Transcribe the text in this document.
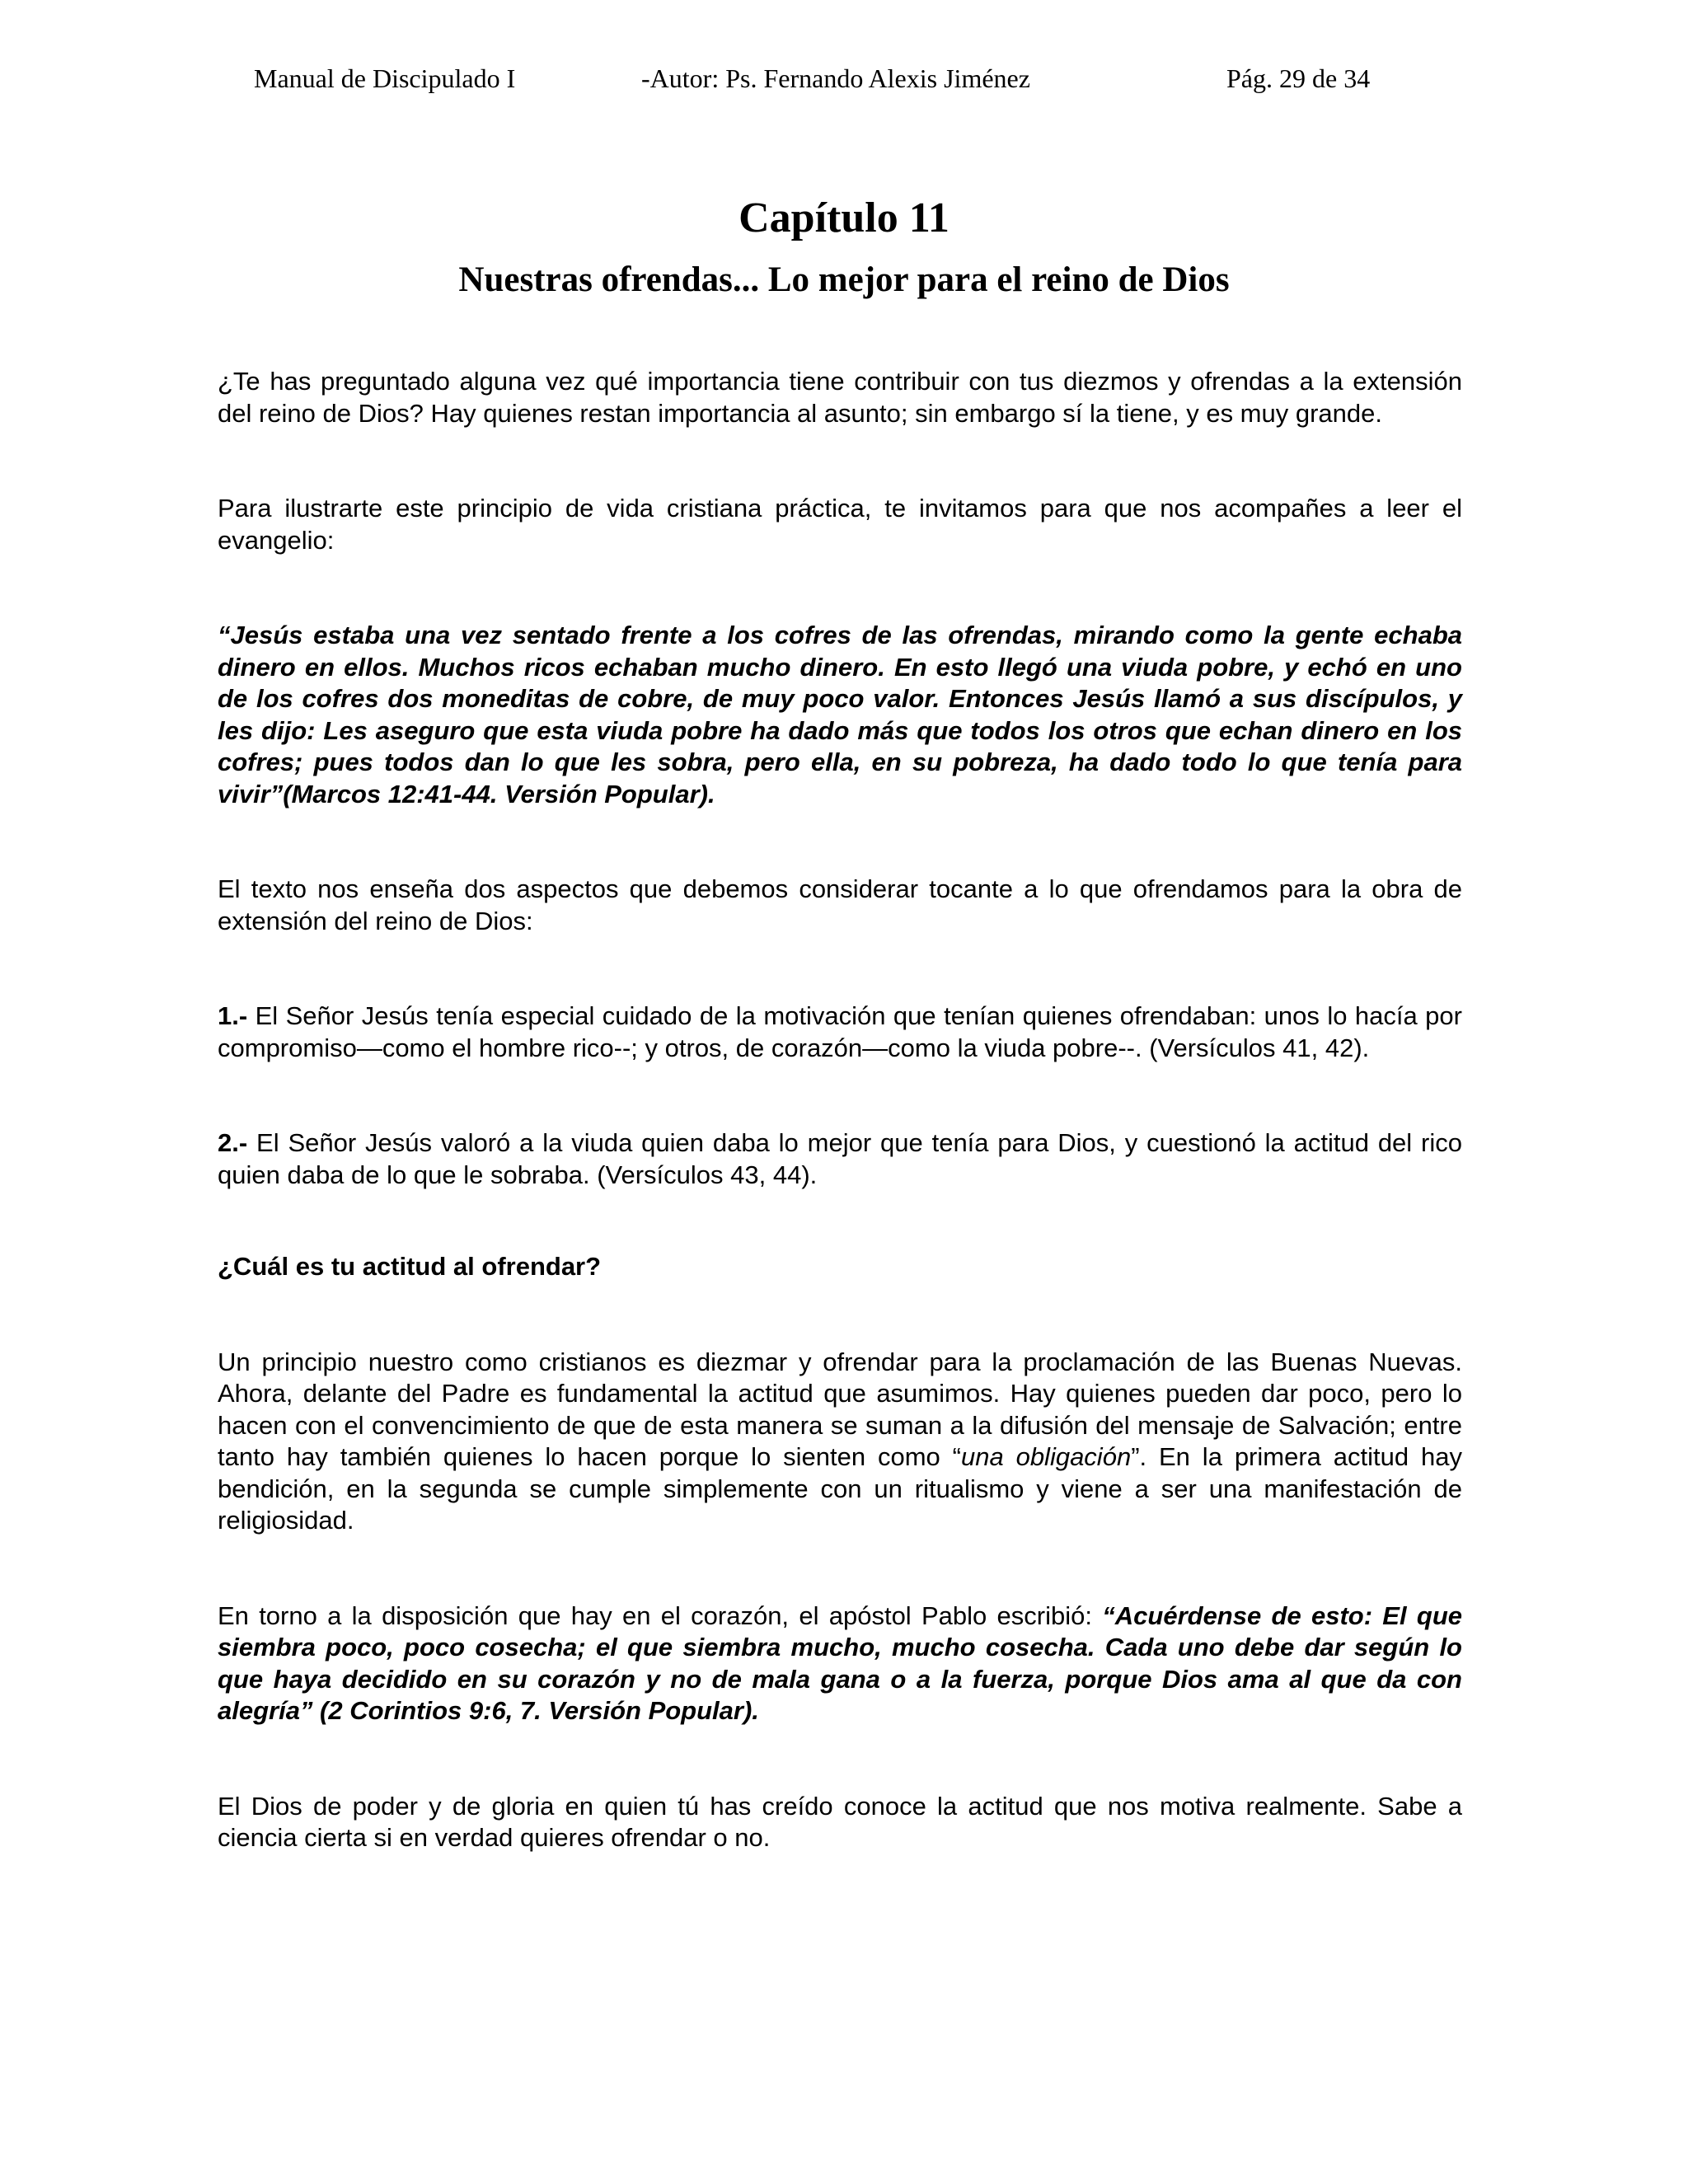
Manual de Discipulado I	-Autor: Ps. Fernando Alexis Jiménez	Pág. 29 de 34
Capítulo 11
Nuestras ofrendas... Lo mejor para el reino de Dios

¿Te has preguntado alguna vez qué importancia tiene contribuir con tus diezmos y ofrendas a la extensión del reino de Dios? Hay quienes restan importancia al asunto; sin embargo sí la tiene, y es muy grande.

Para ilustrarte este principio de vida cristiana práctica, te invitamos para que nos acompañes a leer el evangelio:

“Jesús estaba una vez sentado frente a los cofres de las ofrendas, mirando como la gente echaba dinero en ellos. Muchos ricos echaban mucho dinero. En esto llegó una viuda pobre, y echó en uno de los cofres dos moneditas de cobre, de muy poco valor. Entonces Jesús llamó a sus discípulos, y les dijo: Les aseguro que esta viuda pobre ha dado más que todos los otros que echan dinero en los cofres; pues todos dan lo que les sobra, pero ella, en su pobreza, ha dado todo lo que tenía para vivir”(Marcos 12:41-44. Versión Popular).

El texto nos enseña dos aspectos que debemos considerar tocante a lo que ofrendamos para la obra de extensión del reino de Dios:

1.- El Señor Jesús tenía especial cuidado de la motivación que tenían quienes ofrendaban: unos lo hacía por compromiso—como el hombre rico--; y otros, de corazón—como la viuda pobre--. (Versículos 41, 42).

2.- El Señor Jesús valoró a la viuda quien daba lo mejor que tenía para Dios, y cuestionó la actitud del rico quien daba de lo que le sobraba. (Versículos 43, 44).

¿Cuál es tu actitud al ofrendar?

Un principio nuestro como cristianos es diezmar y ofrendar para la proclamación de las Buenas Nuevas. Ahora, delante del Padre es fundamental la actitud que asumimos. Hay quienes pueden dar poco, pero lo hacen con el convencimiento de que de esta manera se suman a la difusión del mensaje de Salvación; entre tanto hay también quienes lo hacen porque lo sienten como “una obligación”. En la primera actitud hay bendición, en la segunda se cumple simplemente con un ritualismo y viene a ser una manifestación de religiosidad.

En torno a la disposición que hay en el corazón, el apóstol Pablo escribió: “Acuérdense de esto: El que siembra poco, poco cosecha; el que siembra mucho, mucho cosecha. Cada uno debe dar según lo que haya decidido en su corazón y no de mala gana o a la fuerza, porque Dios ama al que da con alegría” (2 Corintios 9:6, 7. Versión Popular).

El Dios de poder y de gloria en quien tú has creído conoce la actitud que nos motiva realmente. Sabe a ciencia cierta si en verdad quieres ofrendar o no.
